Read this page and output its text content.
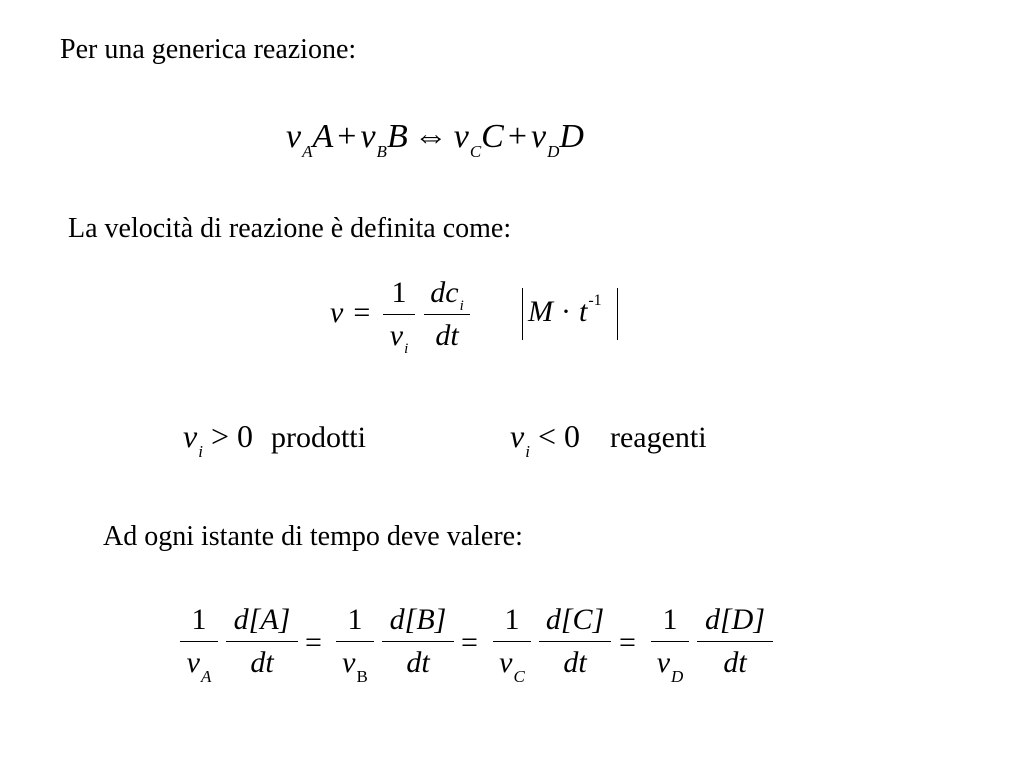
Per una generica reazione:
$\nu_AA + \nu_BB$ ⇔ $\nu_CC + \nu_DD$
La velocità di reazione è definita come:
v =
1
$\nu_i$
$dc_i$
dt
$M \cdot t^{-1}$
$\nu_i > 0$ prodotti	$\nu_i < 0$ reagenti
Ad ogni istante di tempo deve valere:
1
$\nu_A$
d[A]
dt
=
1
$\nu_B$
d[B]
dt
=
1
$\nu_C$
d[C]
dt
=
1
$\nu_D$
d[D]
dt
